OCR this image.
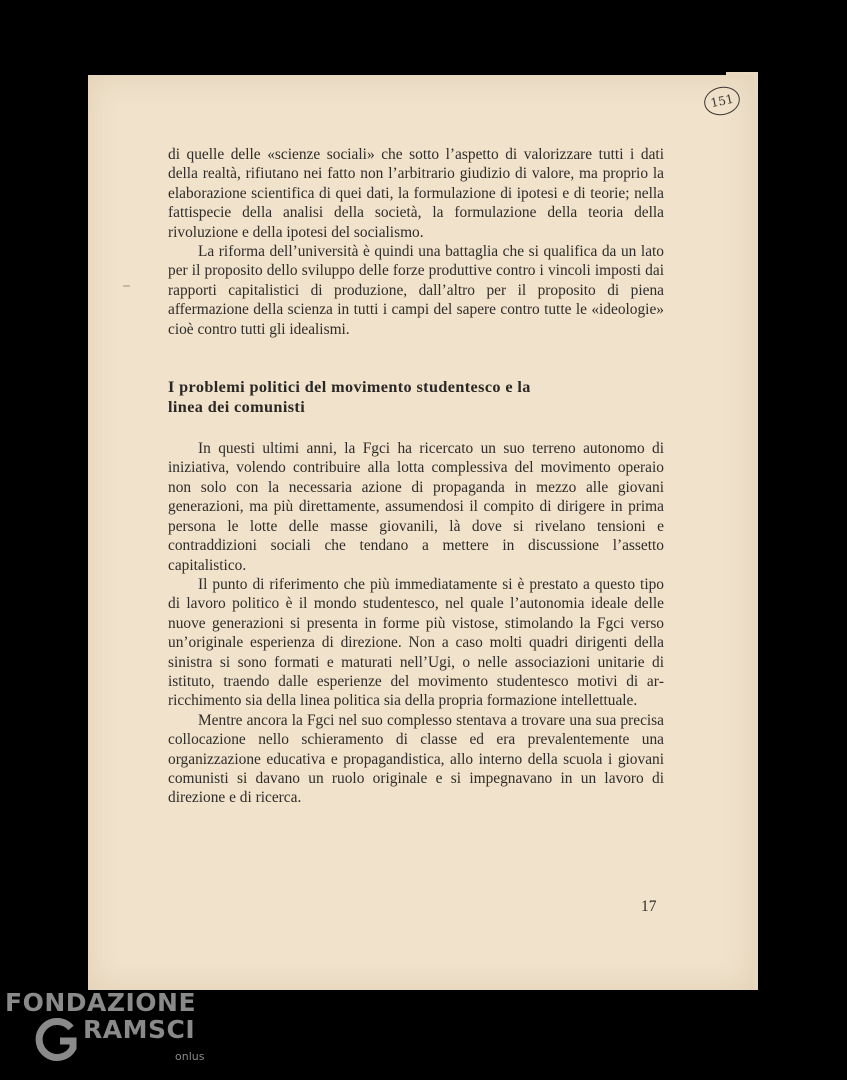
151

di quelle delle «scienze sociali» che sotto l’aspetto di valorizzare tutti i dati della realtà, rifiutano nei fatto non l’arbitrario giudizio di valore, ma proprio la elaborazione scientifica di quei dati, la formulazione di ipotesi e di teorie; nella fattispecie della analisi della società, la formulazione della teoria della rivoluzione e della ipotesi del socialismo.

La riforma dell’università è quindi una battaglia che si qualifica da un lato per il proposito dello sviluppo delle forze produttive contro i vincoli imposti dai rapporti capitalistici di produzione, dall’altro per il proposito di piena affermazione della scienza in tutti i campi del sapere contro tutte le «ideologie» cioè contro tutti gli idealismi.

I problemi politici del movimento studentesco e la linea dei comunisti

In questi ultimi anni, la Fgci ha ricercato un suo terreno autonomo di iniziativa, volendo contribuire alla lotta complessiva del movimento operaio non solo con la necessaria azione di propaganda in mezzo alle giovani generazioni, ma più direttamente, assumendosi il compito di dirigere in prima persona le lotte delle masse giovanili, là dove si rivelano tensioni e contraddizioni sociali che tendano a mettere in discussione l’assetto capitalistico.

Il punto di riferimento che più immediatamente si è prestato a questo tipo di lavoro politico è il mondo studentesco, nel quale l’autonomia ideale delle nuove generazioni si presenta in forme più vistose, stimolando la Fgci verso un’originale esperienza di direzione. Non a caso molti quadri dirigenti della sinistra si sono formati e maturati nell’Ugi, o nelle associazioni unitarie di istituto, traendo dalle esperienze del movimento studentesco motivi di arricchimento sia della linea politica sia della propria formazione intellettuale.

Mentre ancora la Fgci nel suo complesso stentava a trovare una sua precisa collocazione nello schieramento di classe ed era prevalentemente una organizzazione educativa e propagandistica, allo interno della scuola i giovani comunisti si davano un ruolo originale e si impegnavano in un lavoro di direzione e di ricerca.

17
FONDAZIONE
RAMSCI
onlus
